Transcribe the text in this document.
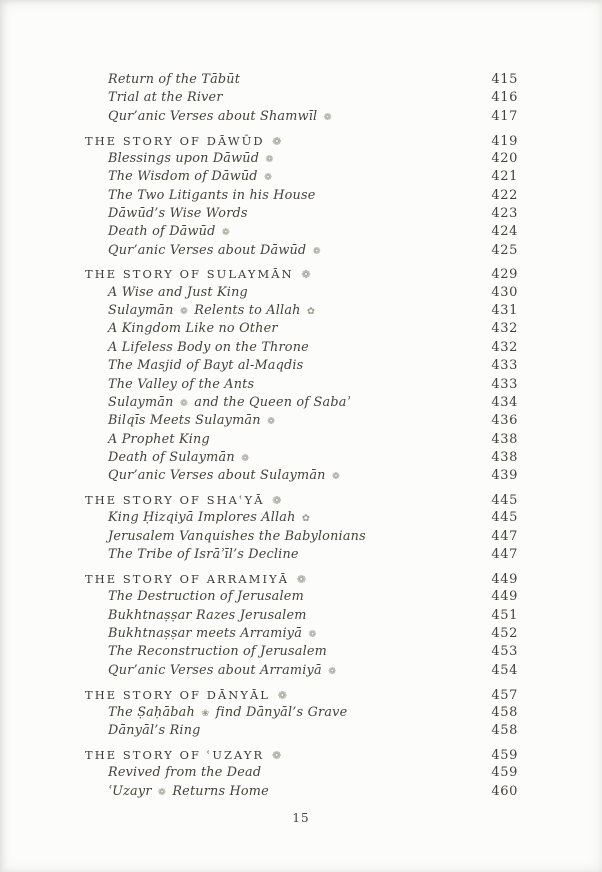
Return of the Tābūt	415
Trial at the River	416
Qur’anic Verses about Shamwīl ❁	417
THE STORY OF DĀWŪD ❁	419
Blessings upon Dāwūd ❁	420
The Wisdom of Dāwūd ❁	421
The Two Litigants in his House	422
Dāwūd’s Wise Words	423
Death of Dāwūd ❁	424
Qur’anic Verses about Dāwūd ❁	425
THE STORY OF SULAYMĀN ❁	429
A Wise and Just King	430
Sulaymān ❁ Relents to Allah ✿	431
A Kingdom Like no Other	432
A Lifeless Body on the Throne	432
The Masjid of Bayt al-Maqdis	433
The Valley of the Ants	433
Sulaymān ❁ and the Queen of Sabaʾ	434
Bilqīs Meets Sulaymān ❁	436
A Prophet King	438
Death of Sulaymān ❁	438
Qur’anic Verses about Sulaymān ❁	439
THE STORY OF SHAʿYĀ ❁	445
King Ḥizqiyā Implores Allah ✿	445
Jerusalem Vanquishes the Babylonians	447
The Tribe of Isrāʾīl’s Decline	447
THE STORY OF ARRAMIYĀ ❁	449
The Destruction of Jerusalem	449
Bukhtnaṣṣar Razes Jerusalem	451
Bukhtnaṣṣar meets Arramiyā ❁	452
The Reconstruction of Jerusalem	453
Qur’anic Verses about Arramiyā ❁	454
THE STORY OF DĀNYĀL ❁	457
The Ṣaḥābah ❀ find Dānyāl’s Grave	458
Dānyāl’s Ring	458
THE STORY OF ʿUZAYR ❁	459
Revived from the Dead	459
ʿUzayr ❁ Returns Home	460
15
